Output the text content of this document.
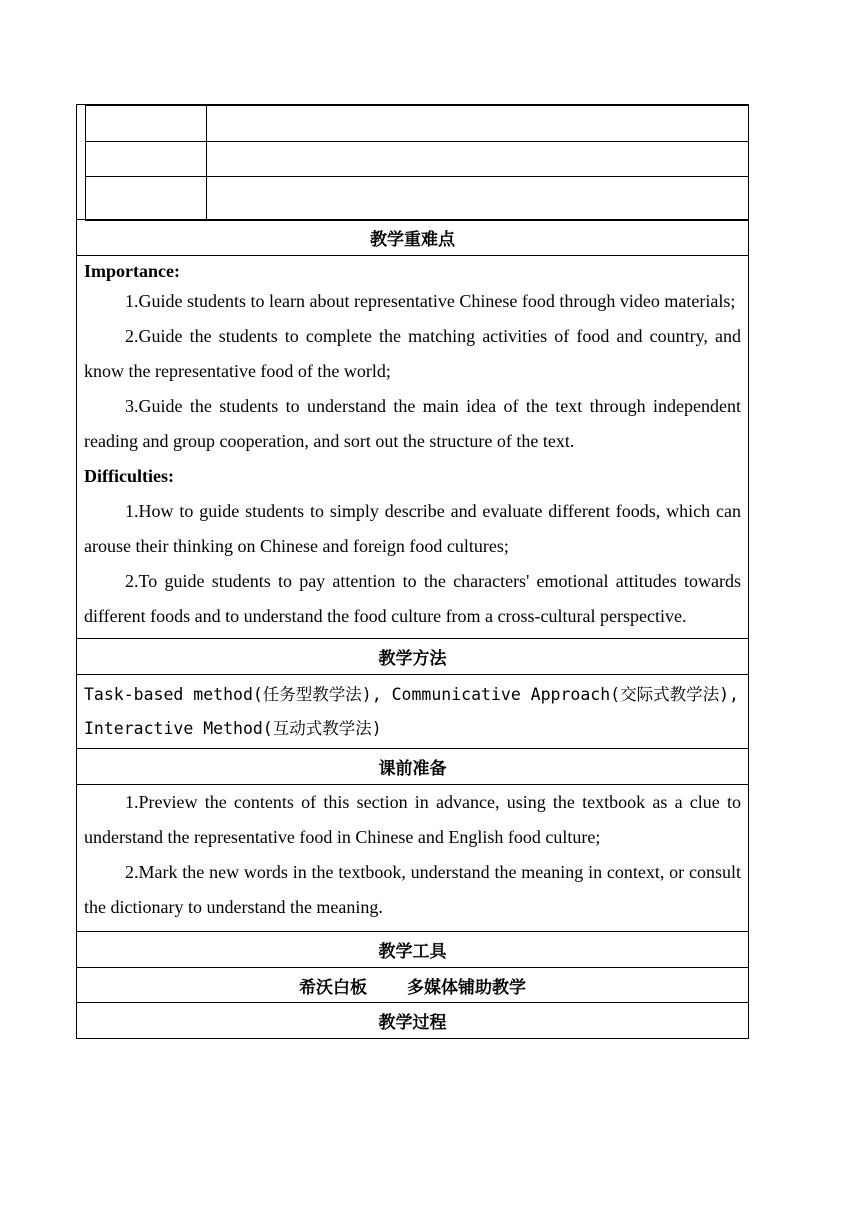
教学重难点

Importance:

1.Guide students to learn about representative Chinese food through video materials;

2.Guide the students to complete the matching activities of food and country, and know the representative food of the world;

3.Guide the students to understand the main idea of the text through independent reading and group cooperation, and sort out the structure of the text.

Difficulties:

1.How to guide students to simply describe and evaluate different foods, which can arouse their thinking on Chinese and foreign food cultures;

2.To guide students to pay attention to the characters' emotional attitudes towards different foods and to understand the food culture from a cross-cultural perspective.

教学方法
Task-based method(任务型教学法), Communicative Approach(交际式教学法), Interactive Method(互动式教学法)
课前准备

1.Preview the contents of this section in advance, using the textbook as a clue to understand the representative food in Chinese and English food culture;

2.Mark the new words in the textbook, understand the meaning in context, or consult the dictionary to understand the meaning.

教学工具
希沃白板 多媒体铺助教学
教学过程
